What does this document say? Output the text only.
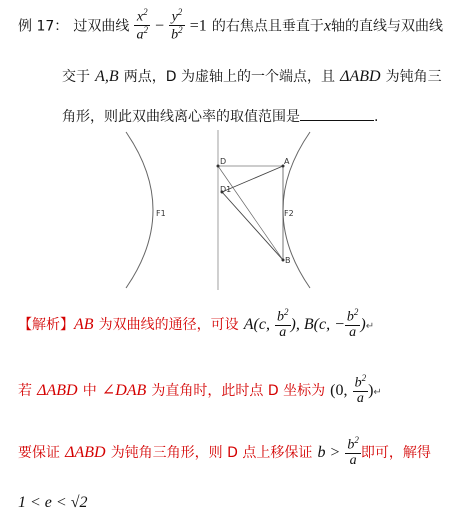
例 17： 过双曲线 $\frac{x^2}{a^2} - \frac{y^2}{b^2} =1$ 的右焦点且垂直于x轴的直线与双曲线
交于 A,B 两点，D 为虚轴上的一个端点，且 ΔABD 为钝角三
角形，则此双曲线离心率的取值范围是	.
D
D1
A
B
F1	F2
【解析】AB 为双曲线的通径，可设 A(c, $\frac{b^2}{a}$ ), B(c, − $\frac{b^2}{a}$ )↵
若 ΔABD 中 ∠DAB 为直角时，此时点 D 坐标为 (0, $\frac{b^2}{a}$ )↵
要保证 ΔABD 为钝角三角形，则 D 点上移保证 $b > \frac{b^2}{a}$ 即可，解得
1 < e < √2
